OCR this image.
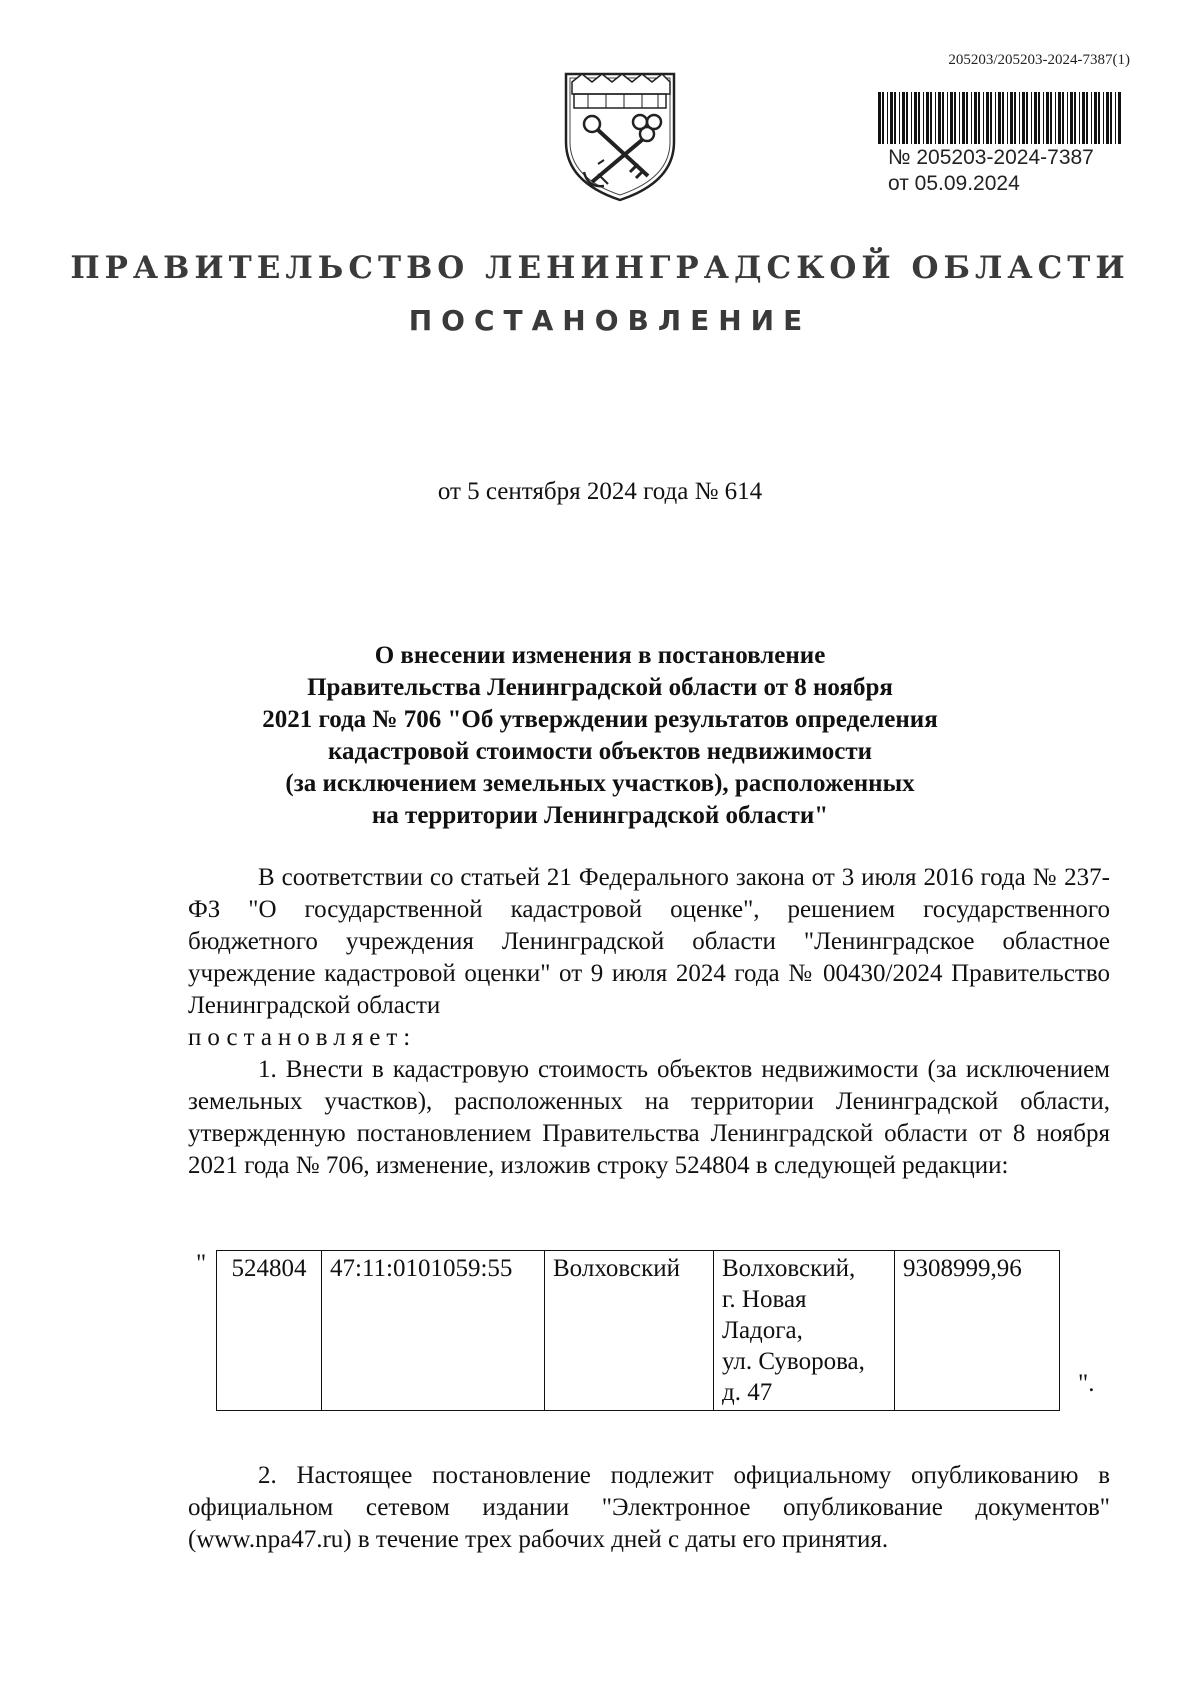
205203/205203-2024-7387(1)
№ 205203-2024-7387
от 05.09.2024
ПРАВИТЕЛЬСТВО ЛЕНИНГРАДСКОЙ ОБЛАСТИ
ПОСТАНОВЛЕНИЕ
от 5 сентября 2024 года № 614
О внесении изменения в постановление
Правительства Ленинградской области от 8 ноября
2021 года № 706 "Об утверждении результатов определения
кадастровой стоимости объектов недвижимости
(за исключением земельных участков), расположенных
на территории Ленинградской области"

В соответствии со статьей 21 Федерального закона от 3 июля 2016 года № 237-ФЗ "О государственной кадастровой оценке", решением государственного бюджетного учреждения Ленинградской области "Ленинградское областное учреждение кадастровой оценки" от 9 июля 2024 года № 00430/2024 Правительство Ленинградской области

постановляет:

1. Внести в кадастровую стоимость объектов недвижимости (за исключением земельных участков), расположенных на территории Ленинградской области, утвержденную постановлением Правительства Ленинградской области от 8 ноября 2021 года № 706, изменение, изложив строку 524804 в следующей редакции:

" 524804	47:11:0101059:55	Волховский	Волховский,
г. Новая
Ладога,
ул. Суворова,
д. 47
	9308999,96
".

2. Настоящее постановление подлежит официальному опубликованию в официальном сетевом издании "Электронное опубликование документов" (www.npa47.ru) в течение трех рабочих дней с даты его принятия.
